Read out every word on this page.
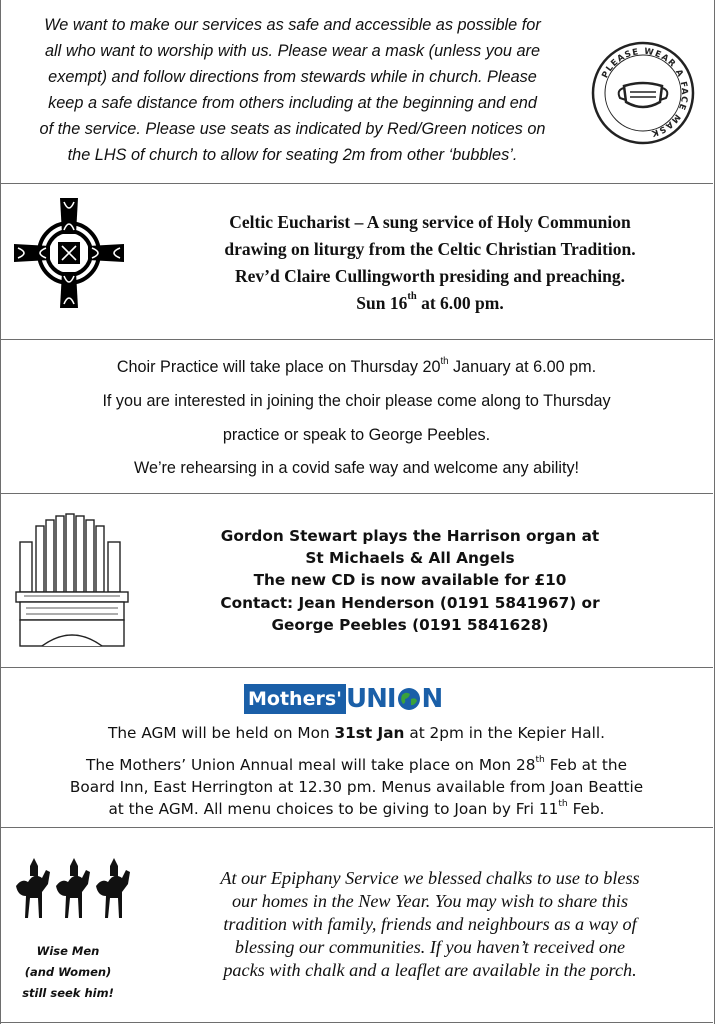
We want to make our services as safe and accessible as possible for
all who want to worship with us. Please wear a mask (unless you are
exempt) and follow directions from stewards while in church. Please
keep a safe distance from others including at the beginning and end
of the service. Please use seats as indicated by Red/Green notices on
the LHS of church to allow for seating 2m from other ‘bubbles’.
PLEASE WEAR A FACE MASK
Celtic Eucharist – A sung service of Holy Communion
drawing on liturgy from the Celtic Christian Tradition.
Rev’d Claire Cullingworth presiding and preaching.
Sun 16th at 6.00 pm.
Choir Practice will take place on Thursday 20th January at 6.00 pm.
If you are interested in joining the choir please come along to Thursday
practice or speak to George Peebles.
We’re rehearsing in a covid safe way and welcome any ability!
Gordon Stewart plays the Harrison organ at
St Michaels & All Angels
The new CD is now available for £10
Contact: Jean Henderson (0191 5841967) or
George Peebles (0191 5841628)
The AGM will be held on Mon 31st Jan at 2pm in the Kepier Hall.
The Mothers’ Union Annual meal will take place on Mon 28th Feb at the
Board Inn, East Herrington at 12.30 pm. Menus available from Joan Beattie
at the AGM. All menu choices to be giving to Joan by Fri 11th Feb.
Mothers' UNI N
Wise Men
(and Women)
still seek him!
At our Epiphany Service we blessed chalks to use to bless
our homes in the New Year. You may wish to share this
tradition with family, friends and neighbours as a way of
blessing our communities. If you haven’t received one
packs with chalk and a leaflet are available in the porch.
